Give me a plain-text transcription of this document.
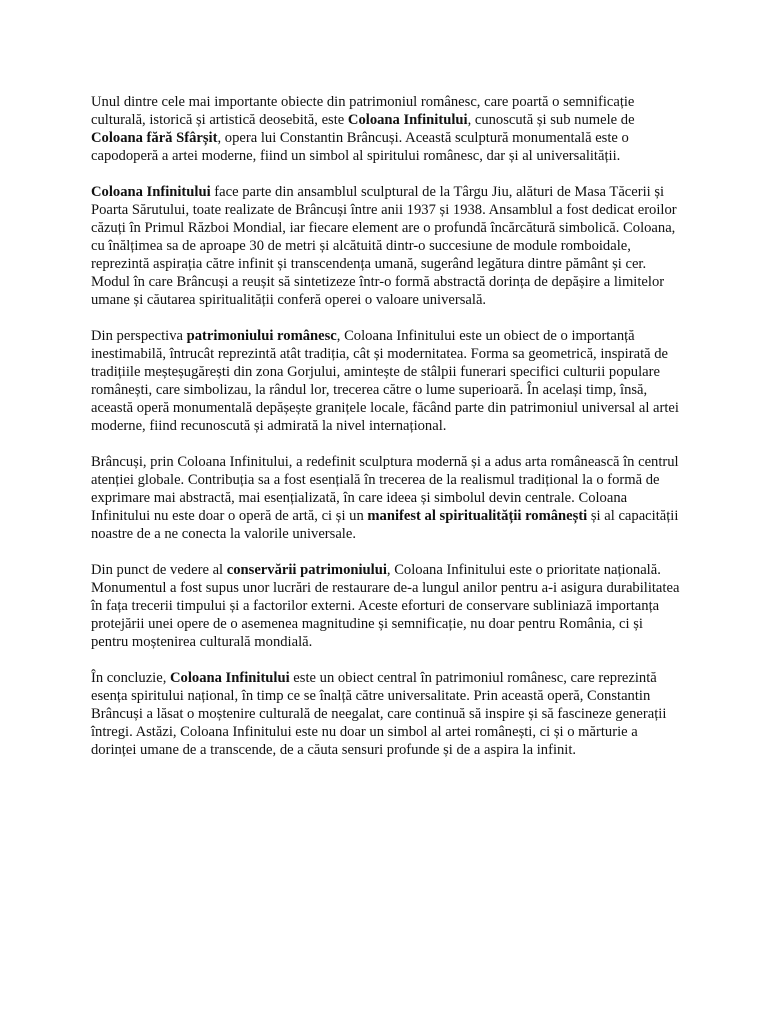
Unul dintre cele mai importante obiecte din patrimoniul românesc, care poartă o semnificație culturală, istorică și artistică deosebită, este Coloana Infinitului, cunoscută și sub numele de Coloana fără Sfârșit, opera lui Constantin Brâncuși. Această sculptură monumentală este o capodoperă a artei moderne, fiind un simbol al spiritului românesc, dar și al universalității.

Coloana Infinitului face parte din ansamblul sculptural de la Târgu Jiu, alături de Masa Tăcerii și Poarta Sărutului, toate realizate de Brâncuși între anii 1937 și 1938. Ansamblul a fost dedicat eroilor căzuți în Primul Război Mondial, iar fiecare element are o profundă încărcătură simbolică. Coloana, cu înălțimea sa de aproape 30 de metri și alcătuită dintr-o succesiune de module romboidale, reprezintă aspirația către infinit și transcendența umană, sugerând legătura dintre pământ și cer. Modul în care Brâncuși a reușit să sintetizeze într-o formă abstractă dorința de depășire a limitelor umane și căutarea spiritualității conferă operei o valoare universală.

Din perspectiva patrimoniului românesc, Coloana Infinitului este un obiect de o importanță inestimabilă, întrucât reprezintă atât tradiția, cât și modernitatea. Forma sa geometrică, inspirată de tradițiile meșteșugărești din zona Gorjului, amintește de stâlpii funerari specifici culturii populare românești, care simbolizau, la rândul lor, trecerea către o lume superioară. În același timp, însă, această operă monumentală depășește granițele locale, făcând parte din patrimoniul universal al artei moderne, fiind recunoscută și admirată la nivel internațional.

Brâncuși, prin Coloana Infinitului, a redefinit sculptura modernă și a adus arta românească în centrul atenției globale. Contribuția sa a fost esențială în trecerea de la realismul tradițional la o formă de exprimare mai abstractă, mai esențializată, în care ideea și simbolul devin centrale. Coloana Infinitului nu este doar o operă de artă, ci și un manifest al spiritualității românești și al capacității noastre de a ne conecta la valorile universale.

Din punct de vedere al conservării patrimoniului, Coloana Infinitului este o prioritate națională. Monumentul a fost supus unor lucrări de restaurare de-a lungul anilor pentru a-i asigura durabilitatea în fața trecerii timpului și a factorilor externi. Aceste eforturi de conservare subliniază importanța protejării unei opere de o asemenea magnitudine și semnificație, nu doar pentru România, ci și pentru moștenirea culturală mondială.

În concluzie, Coloana Infinitului este un obiect central în patrimoniul românesc, care reprezintă esența spiritului național, în timp ce se înalță către universalitate. Prin această operă, Constantin Brâncuși a lăsat o moștenire culturală de neegalat, care continuă să inspire și să fascineze generații întregi. Astăzi, Coloana Infinitului este nu doar un simbol al artei românești, ci și o mărturie a dorinței umane de a transcende, de a căuta sensuri profunde și de a aspira la infinit.
